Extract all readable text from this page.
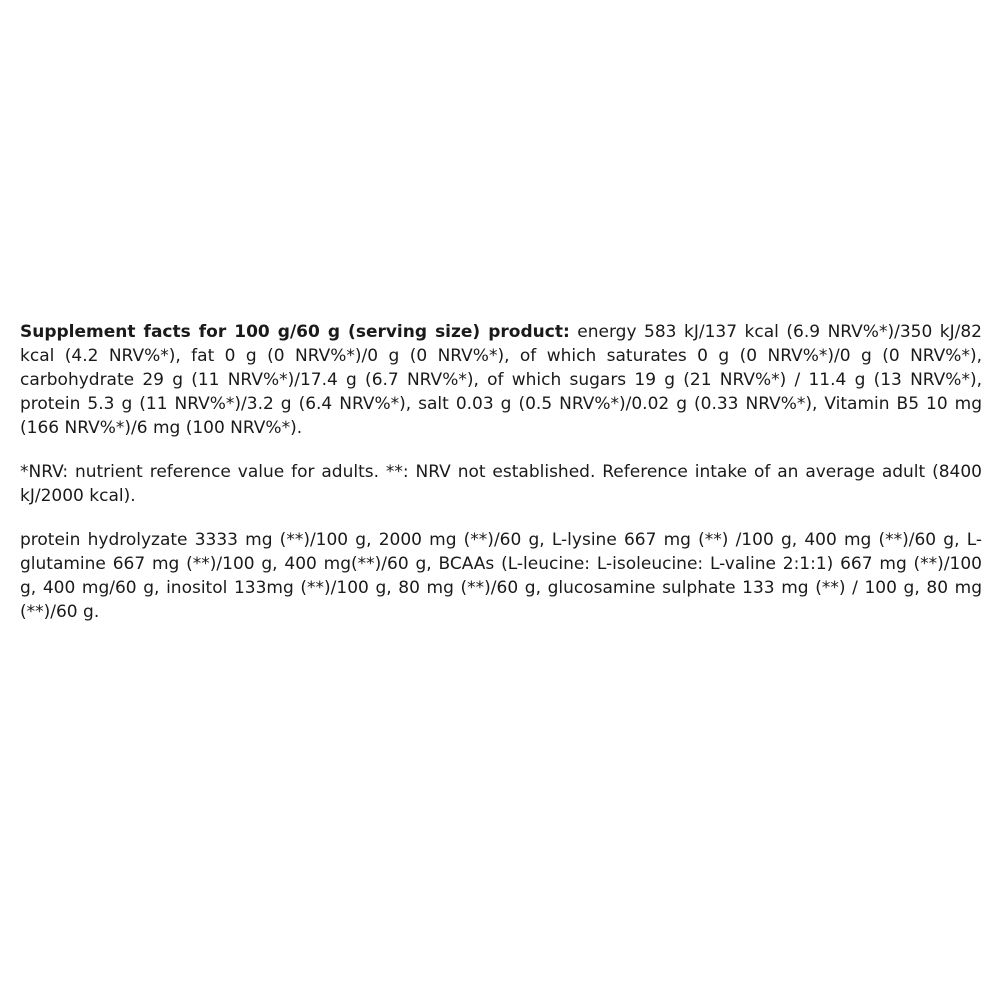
Supplement facts for 100 g/60 g (serving size) product: energy 583 kJ/137 kcal (6.9 NRV%*)/350 kJ/82 kcal (4.2 NRV%*), fat 0 g (0 NRV%*)/0 g (0 NRV%*), of which saturates 0 g (0 NRV%*)/0 g (0 NRV%*), carbohydrate 29 g (11 NRV%*)/17.4 g (6.7 NRV%*), of which sugars 19 g (21 NRV%*) / 11.4 g (13 NRV%*), protein 5.3 g (11 NRV%*)/3.2 g (6.4 NRV%*), salt 0.03 g (0.5 NRV%*)/0.02 g (0.33 NRV%*), Vitamin B5 10 mg (166 NRV%*)/6 mg (100 NRV%*).

*NRV: nutrient reference value for adults. **: NRV not established. Reference intake of an average adult (8400 kJ/2000 kcal).

protein hydrolyzate 3333 mg (**)/100 g, 2000 mg (**)/60 g, L-lysine 667 mg (**) /100 g, 400 mg (**)/60 g, L-glutamine 667 mg (**)/100 g, 400 mg(**)/60 g, BCAAs (L-leucine: L-isoleucine: L-valine 2:1:1) 667 mg (**)/100 g, 400 mg/60 g, inositol 133mg (**)/100 g, 80 mg (**)/60 g, glucosamine sulphate 133 mg (**) / 100 g, 80 mg (**)/60 g.
